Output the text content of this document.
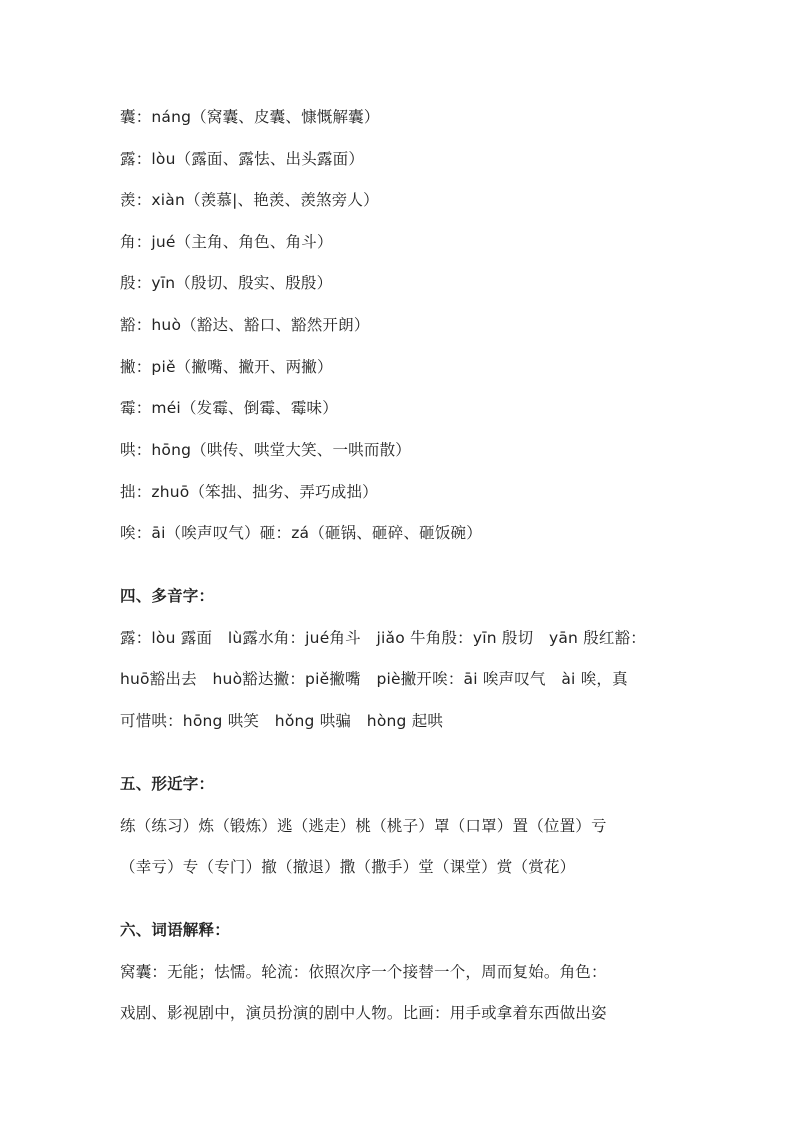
囊：náng（窝囊、皮囊、慷慨解囊）
露：lòu（露面、露怯、出头露面）
羡：xiàn（羡慕|、艳羡、羡煞旁人）
角：jué（主角、角色、角斗）
殷：yīn（殷切、殷实、殷殷）
豁：huò（豁达、豁口、豁然开朗）
撇：piě（撇嘴、撇开、两撇）
霉：méi（发霉、倒霉、霉味）
哄：hōng（哄传、哄堂大笑、一哄而散）
拙：zhuō（笨拙、拙劣、弄巧成拙）
唉：āi（唉声叹气）砸：zá（砸锅、砸碎、砸饭碗）
四、多音字：
露：lòu 露面　lù露水角：jué角斗　jiǎo 牛角殷：yīn 殷切　yān 殷红豁：
huō豁出去　huò豁达撇：piě撇嘴　piè撇开唉：āi 唉声叹气　ài 唉，真
可惜哄：hōng 哄笑　hǒng 哄骗　hòng 起哄
五、形近字：
练（练习）炼（锻炼）逃（逃走）桃（桃子）罩（口罩）置（位置）亏
（幸亏）专（专门）撤（撤退）撒（撒手）堂（课堂）赏（赏花）
六、词语解释：
窝囊：无能；怯懦。轮流：依照次序一个接替一个，周而复始。角色：
戏剧、影视剧中，演员扮演的剧中人物。比画：用手或拿着东西做出姿
